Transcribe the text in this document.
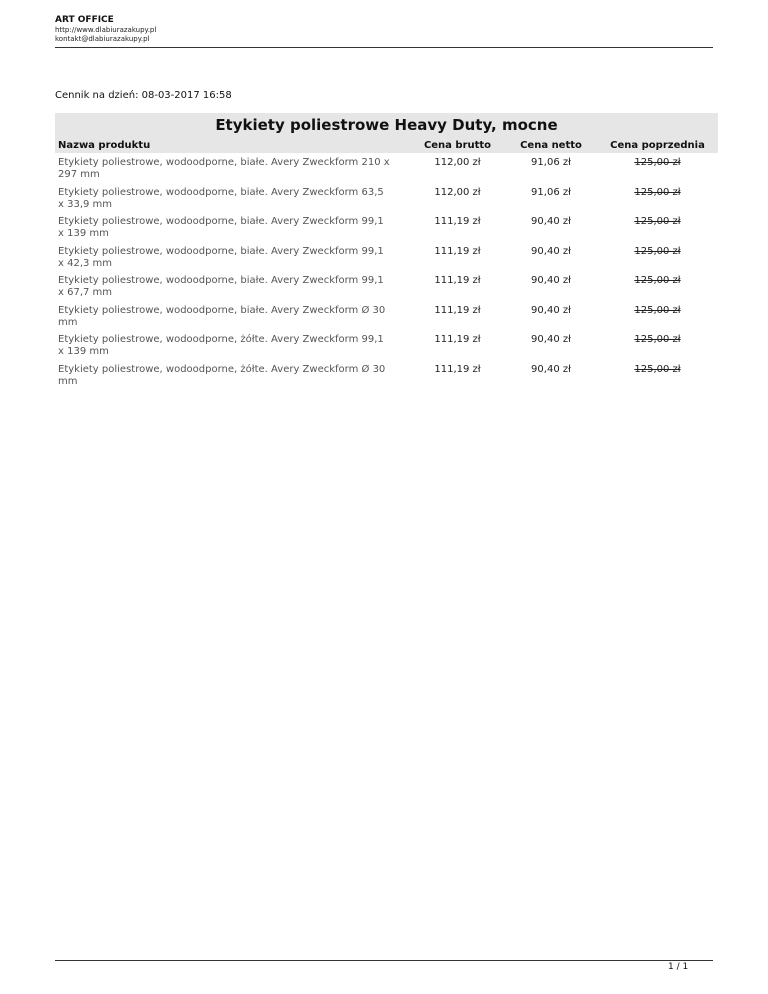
ART OFFICE
http://www.dlabiurazakupy.pl
kontakt@dlabiurazakupy.pl
Cennik na dzień: 08-03-2017 16:58
Etykiety poliestrowe Heavy Duty, mocne
Nazwa produktu	Cena brutto	Cena netto	Cena poprzednia
Etykiety poliestrowe, wodoodporne, białe. Avery Zweckform 210 x
297 mm
112,00 zł	91,06 zł	125,00 zł
Etykiety poliestrowe, wodoodporne, białe. Avery Zweckform 63,5
x 33,9 mm
112,00 zł	91,06 zł	125,00 zł
Etykiety poliestrowe, wodoodporne, białe. Avery Zweckform 99,1
x 139 mm
111,19 zł	90,40 zł	125,00 zł
Etykiety poliestrowe, wodoodporne, białe. Avery Zweckform 99,1
x 42,3 mm
111,19 zł	90,40 zł	125,00 zł
Etykiety poliestrowe, wodoodporne, białe. Avery Zweckform 99,1
x 67,7 mm
111,19 zł	90,40 zł	125,00 zł
Etykiety poliestrowe, wodoodporne, białe. Avery Zweckform Ø 30
mm
111,19 zł	90,40 zł	125,00 zł
Etykiety poliestrowe, wodoodporne, żółte. Avery Zweckform 99,1
x 139 mm
111,19 zł	90,40 zł	125,00 zł
Etykiety poliestrowe, wodoodporne, żółte. Avery Zweckform Ø 30
mm
111,19 zł	90,40 zł	125,00 zł
1 / 1
